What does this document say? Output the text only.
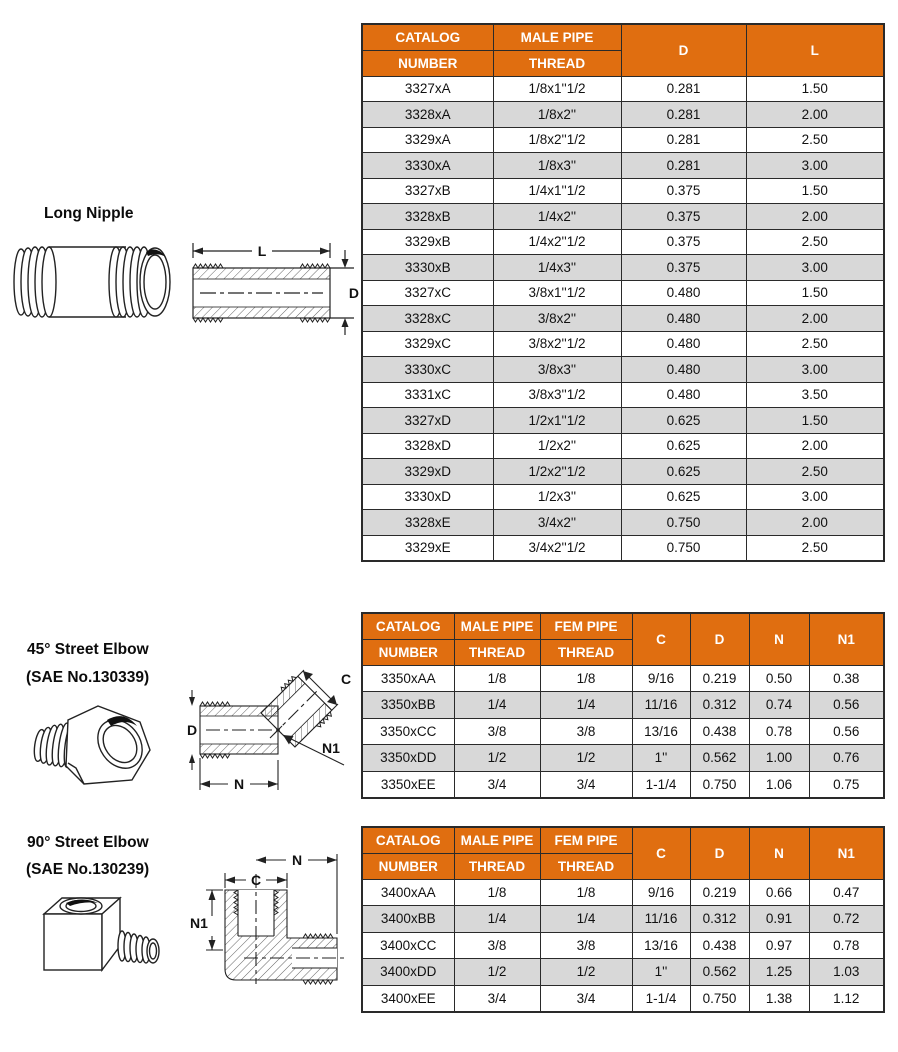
Long Nipple
L
D
CATALOG	MALE PIPE	D	L
NUMBER	THREAD		
3327xA	1/8x1''1/2	0.281	1.50
3328xA	1/8x2''	0.281	2.00
3329xA	1/8x2''1/2	0.281	2.50
3330xA	1/8x3''	0.281	3.00
3327xB	1/4x1''1/2	0.375	1.50
3328xB	1/4x2''	0.375	2.00
3329xB	1/4x2''1/2	0.375	2.50
3330xB	1/4x3''	0.375	3.00
3327xC	3/8x1''1/2	0.480	1.50
3328xC	3/8x2''	0.480	2.00
3329xC	3/8x2''1/2	0.480	2.50
3330xC	3/8x3''	0.480	3.00
3331xC	3/8x3''1/2	0.480	3.50
3327xD	1/2x1''1/2	0.625	1.50
3328xD	1/2x2''	0.625	2.00
3329xD	1/2x2''1/2	0.625	2.50
3330xD	1/2x3''	0.625	3.00
3328xE	3/4x2''	0.750	2.00
3329xE	3/4x2''1/2	0.750	2.50
45° Street Elbow
(SAE No.130339)
D
N
C
N1
CATALOG	MALE PIPE	FEM PIPE	C	D	N	N1
NUMBER	THREAD	THREAD				
3350xAA	1/8	1/8	9/16	0.219	0.50	0.38
3350xBB	1/4	1/4	11/16	0.312	0.74	0.56
3350xCC	3/8	3/8	13/16	0.438	0.78	0.56
3350xDD	1/2	1/2	1''	0.562	1.00	0.76
3350xEE	3/4	3/4	1-1/4	0.750	1.06	0.75
90° Street Elbow
(SAE No.130239)
N
C
N1
CATALOG	MALE PIPE	FEM PIPE	C	D	N	N1
NUMBER	THREAD	THREAD				
3400xAA	1/8	1/8	9/16	0.219	0.66	0.47
3400xBB	1/4	1/4	11/16	0.312	0.91	0.72
3400xCC	3/8	3/8	13/16	0.438	0.97	0.78
3400xDD	1/2	1/2	1''	0.562	1.25	1.03
3400xEE	3/4	3/4	1-1/4	0.750	1.38	1.12
